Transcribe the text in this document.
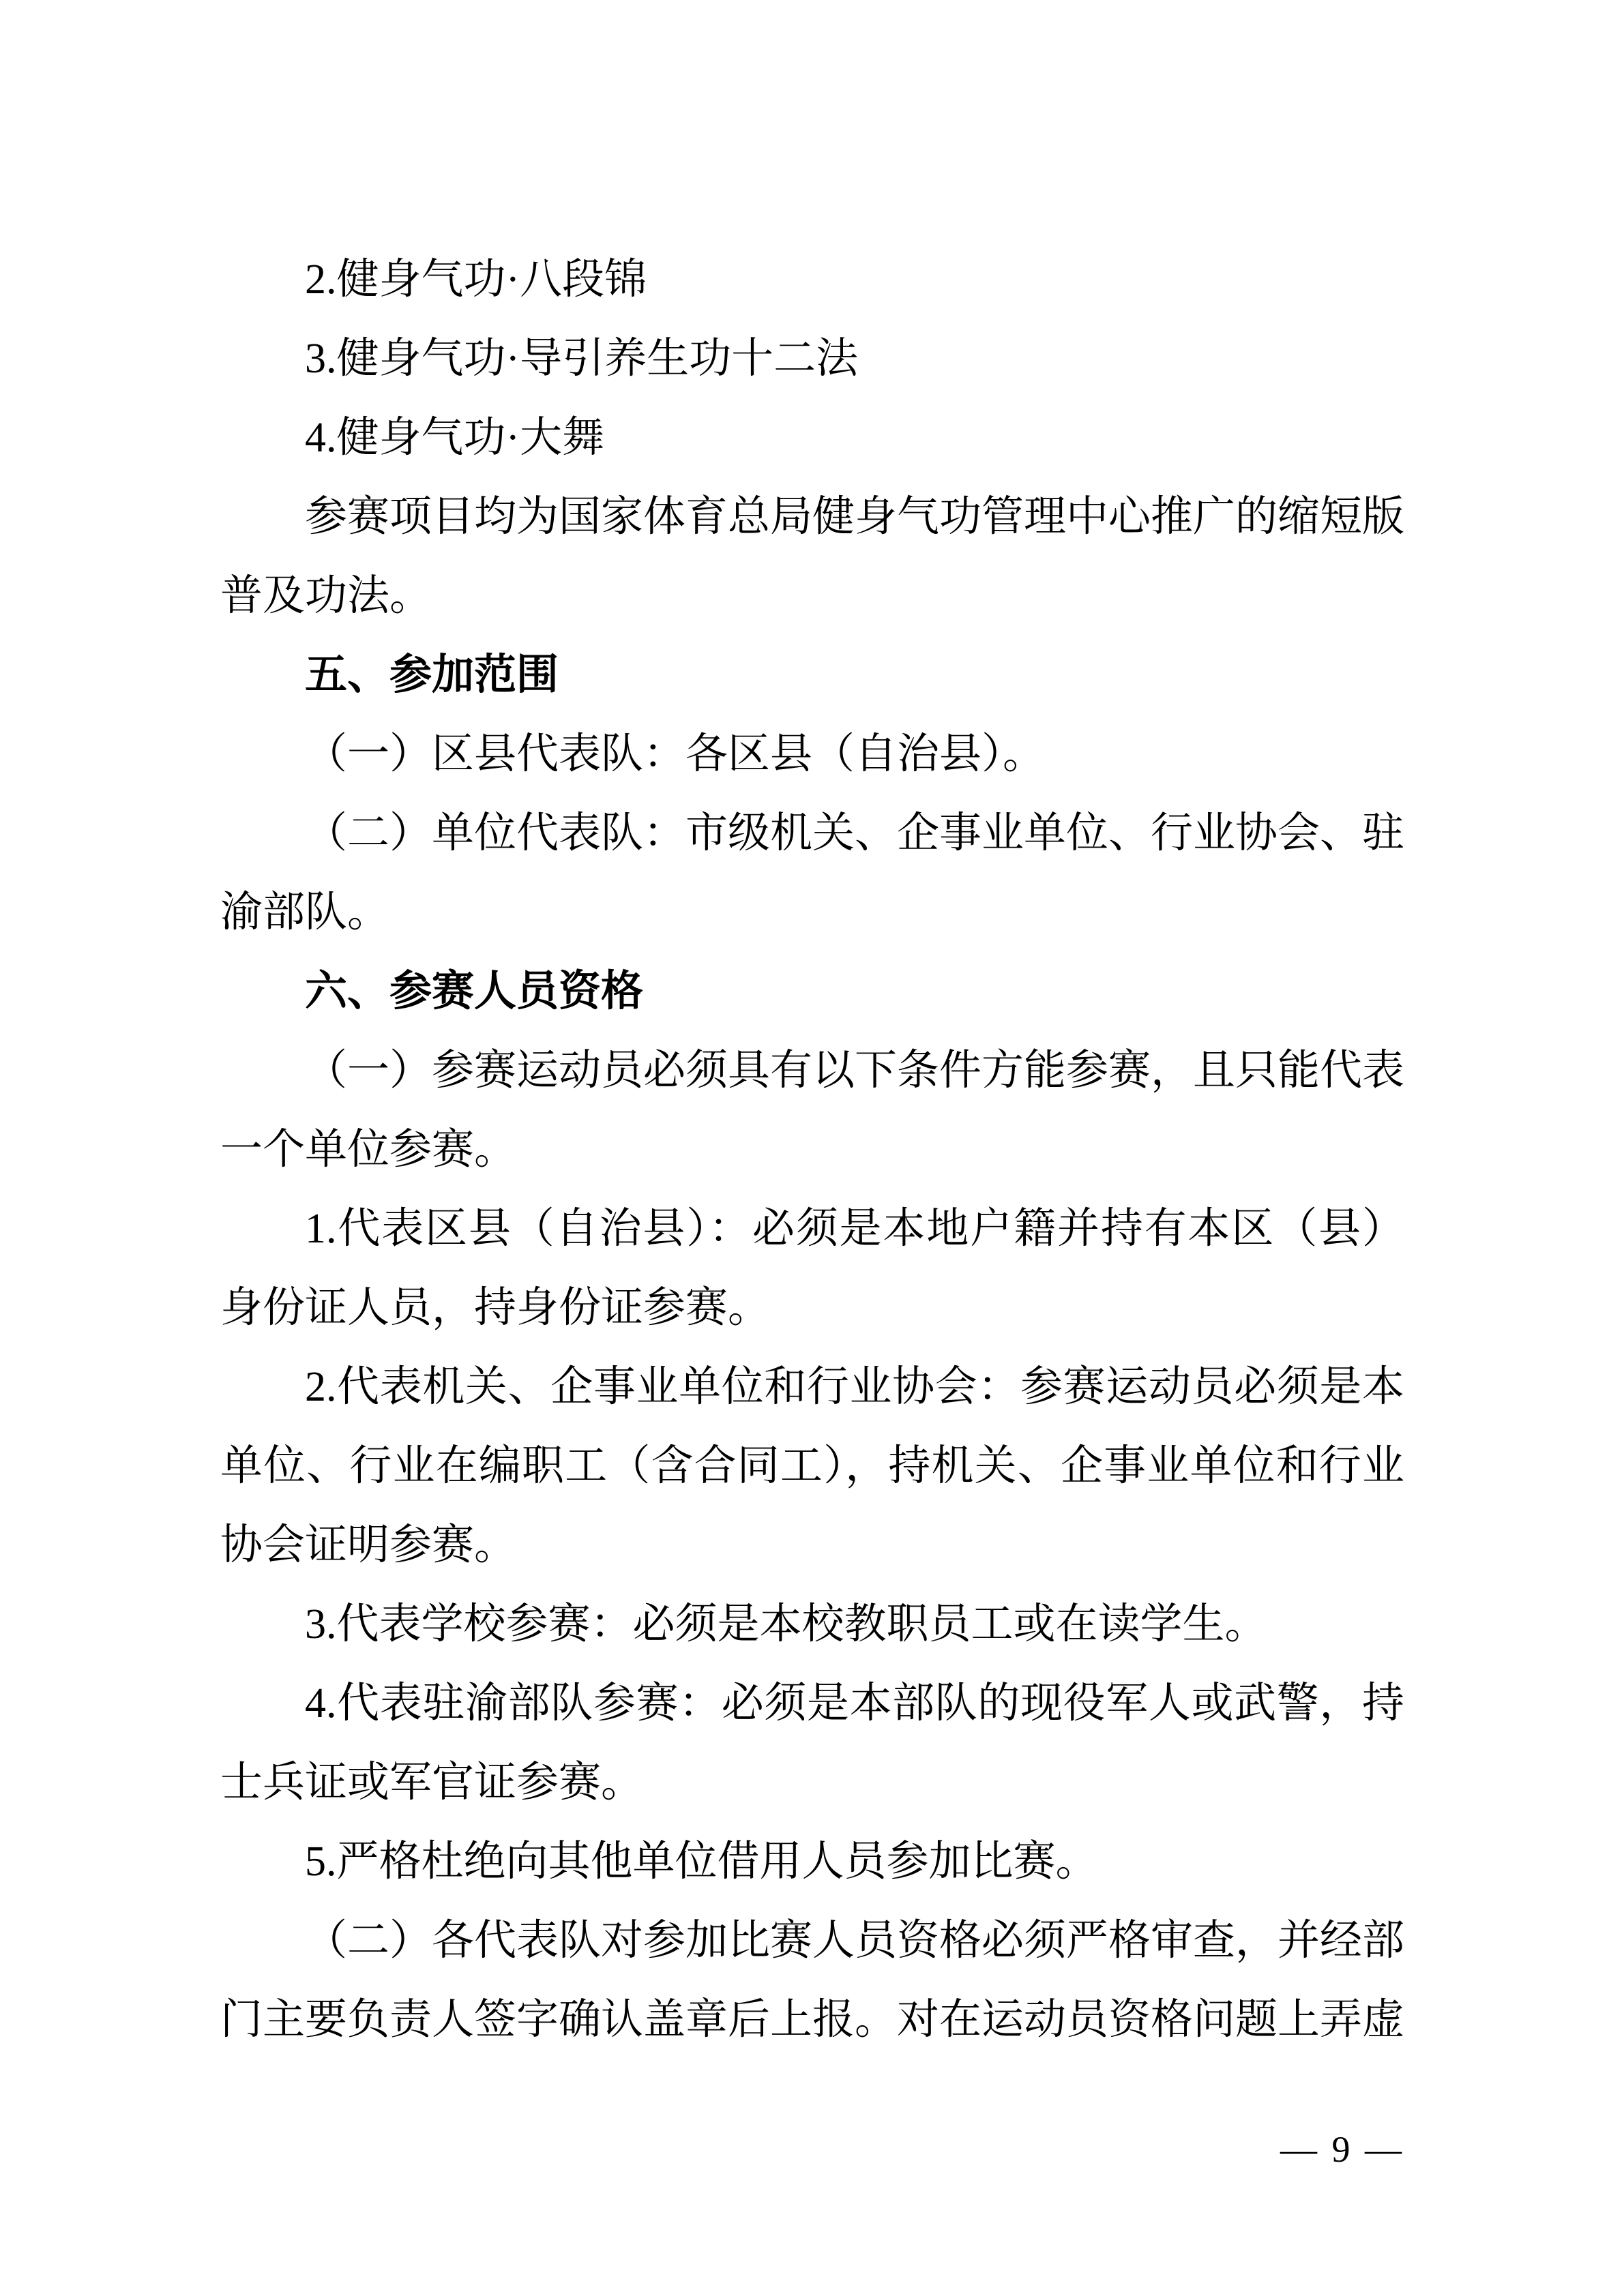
2.健身气功·八段锦

3.健身气功·导引养生功十二法

4.健身气功·大舞

参赛项目均为国家体育总局健身气功管理中心推广的缩短版普及功法。

五、参加范围

（一）区县代表队：各区县（自治县）。

（二）单位代表队：市级机关、企事业单位、行业协会、驻渝部队。

六、参赛人员资格

（一）参赛运动员必须具有以下条件方能参赛，且只能代表一个单位参赛。

1.代表区县（自治县）：必须是本地户籍并持有本区（县）身份证人员，持身份证参赛。

2.代表机关、企事业单位和行业协会：参赛运动员必须是本单位、行业在编职工（含合同工），持机关、企事业单位和行业协会证明参赛。

3.代表学校参赛：必须是本校教职员工或在读学生。

4.代表驻渝部队参赛：必须是本部队的现役军人或武警，持士兵证或军官证参赛。

5.严格杜绝向其他单位借用人员参加比赛。

（二）各代表队对参加比赛人员资格必须严格审查，并经部门主要负责人签字确认盖章后上报。对在运动员资格问题上弄虚

— 9 —
